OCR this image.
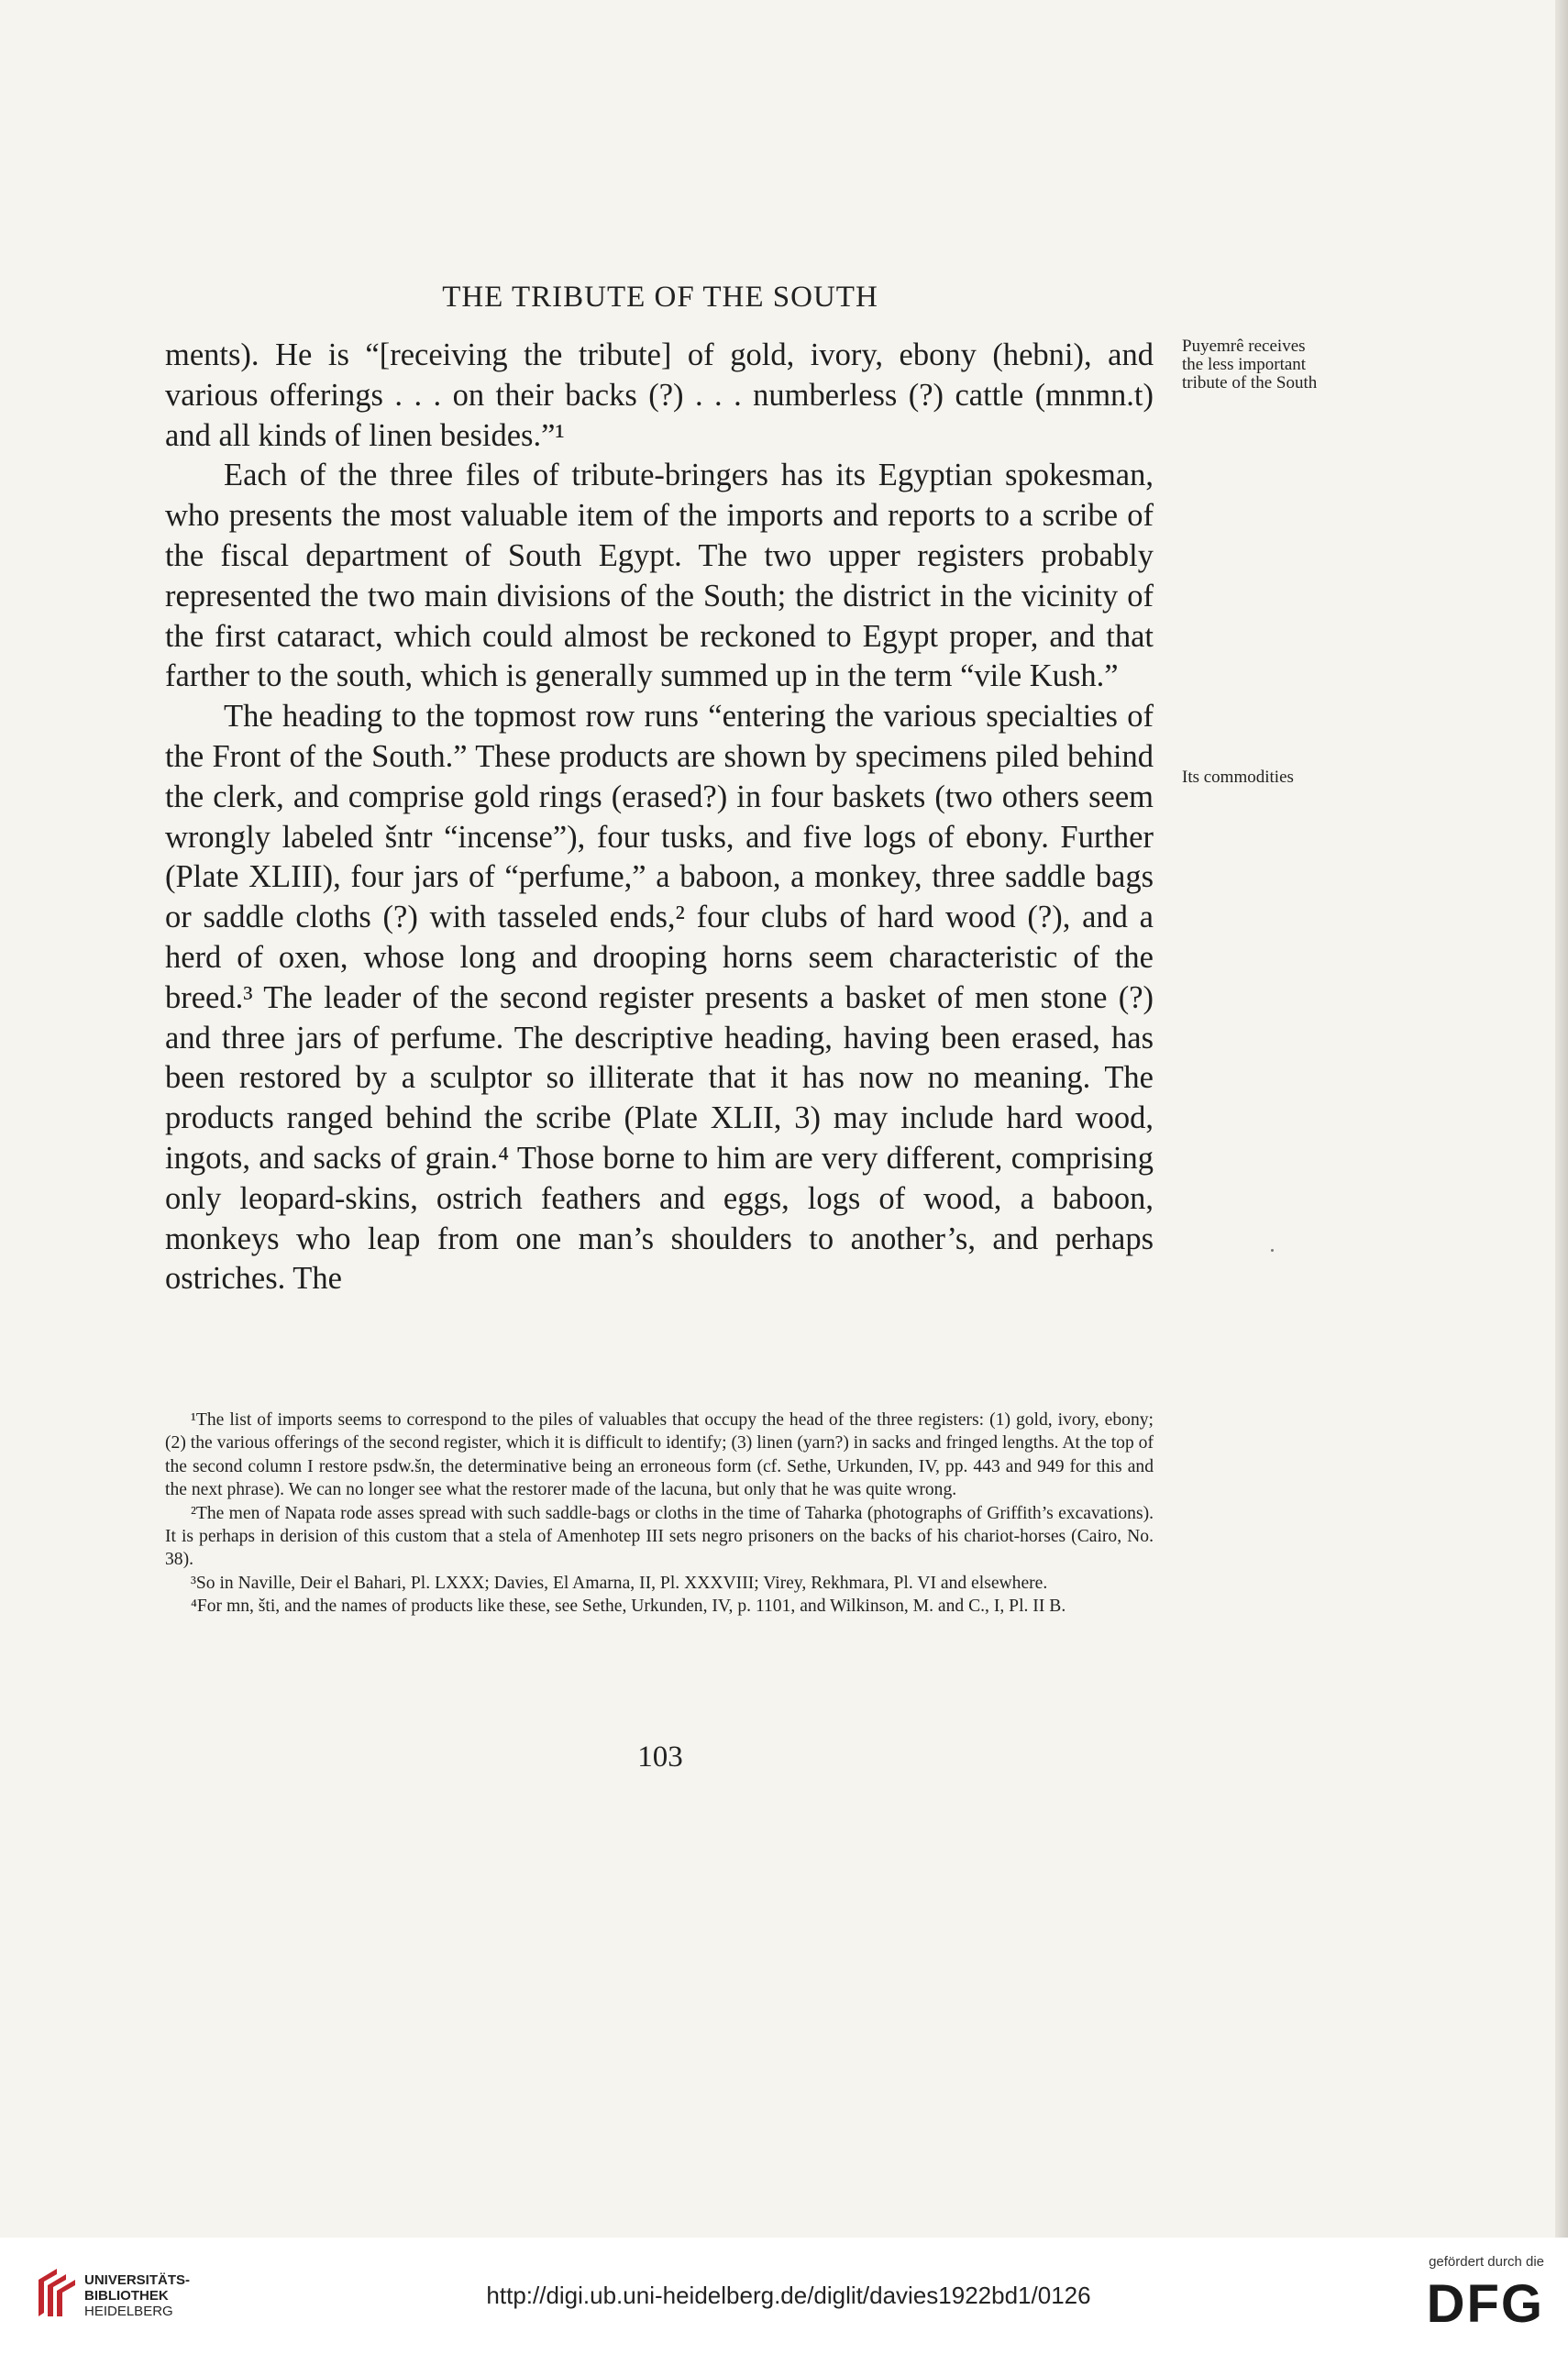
THE TRIBUTE OF THE SOUTH
Puyemrê receives the less important tribute of the South
Its commodities

ments). He is “[receiving the tribute] of gold, ivory, ebony (hebni), and various offerings . . . on their backs (?) . . . numberless (?) cattle (mnmn.t) and all kinds of linen besides.”¹

Each of the three files of tribute-bringers has its Egyptian spokesman, who presents the most valuable item of the imports and reports to a scribe of the fiscal department of South Egypt. The two upper registers probably represented the two main divisions of the South; the district in the vicinity of the first cataract, which could almost be reckoned to Egypt proper, and that farther to the south, which is generally summed up in the term “vile Kush.”

The heading to the topmost row runs “entering the various specialties of the Front of the South.” These products are shown by specimens piled behind the clerk, and comprise gold rings (erased?) in four baskets (two others seem wrongly labeled šntr “incense”), four tusks, and five logs of ebony. Further (Plate XLIII), four jars of “perfume,” a baboon, a monkey, three saddle bags or saddle cloths (?) with tasseled ends,² four clubs of hard wood (?), and a herd of oxen, whose long and drooping horns seem characteristic of the breed.³ The leader of the second register presents a basket of men stone (?) and three jars of perfume. The descriptive heading, having been erased, has been restored by a sculptor so illiterate that it has now no meaning. The products ranged behind the scribe (Plate XLII, 3) may include hard wood, ingots, and sacks of grain.⁴ Those borne to him are very different, comprising only leopard-skins, ostrich feathers and eggs, logs of wood, a baboon, monkeys who leap from one man’s shoulders to another’s, and perhaps ostriches. The

¹The list of imports seems to correspond to the piles of valuables that occupy the head of the three registers: (1) gold, ivory, ebony; (2) the various offerings of the second register, which it is difficult to identify; (3) linen (yarn?) in sacks and fringed lengths. At the top of the second column I restore psdw.šn, the determinative being an erroneous form (cf. Sethe, Urkunden, IV, pp. 443 and 949 for this and the next phrase). We can no longer see what the restorer made of the lacuna, but only that he was quite wrong.

²The men of Napata rode asses spread with such saddle-bags or cloths in the time of Taharka (photographs of Griffith’s excavations). It is perhaps in derision of this custom that a stela of Amenhotep III sets negro prisoners on the backs of his chariot-horses (Cairo, No. 38).

³So in Naville, Deir el Bahari, Pl. LXXX; Davies, El Amarna, II, Pl. XXXVIII; Virey, Rekhmara, Pl. VI and elsewhere.

⁴For mn, šti, and the names of products like these, see Sethe, Urkunden, IV, p. 1101, and Wilkinson, M. and C., I, Pl. II B.

103
UNIVERSITÄTS-
BIBLIOTHEK
HEIDELBERG
http://digi.ub.uni-heidelberg.de/diglit/davies1922bd1/0126
gefördert durch die
DFG
